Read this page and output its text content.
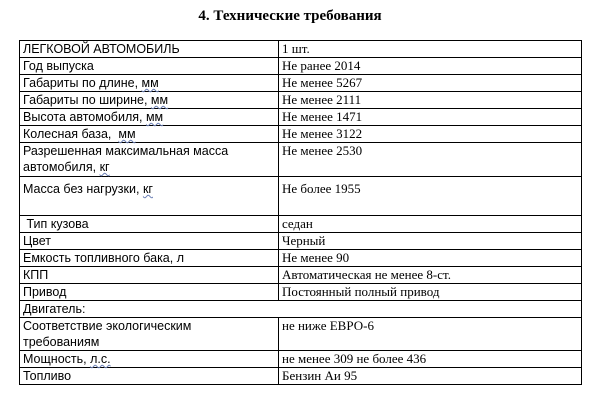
4. Технические требования
ЛЕГКОВОЙ АВТОМОБИЛЬ	1 шт.
Год выпуска	Не ранее 2014
Габариты по длине, мм	Не менее 5267
Габариты по ширине, мм	Не менее 2111
Высота автомобиля, мм	Не менее 1471
Колесная база,  мм	Не менее 3122
Разрешенная максимальная масса
автомобиля, кг	Не менее 2530
Масса без нагрузки, кг	Не более 1955
Тип кузова	седан
Цвет	Черный
Емкость топливного бака, л	Не менее 90
КПП	Автоматическая не менее 8-ст.
Привод	Постоянный полный привод
Двигатель:	
Соответствие экологическим
требованиям	не ниже ЕВРО-6
Мощность, л.с.	не менее 309 не более 436
Топливо	Бензин Аи 95
